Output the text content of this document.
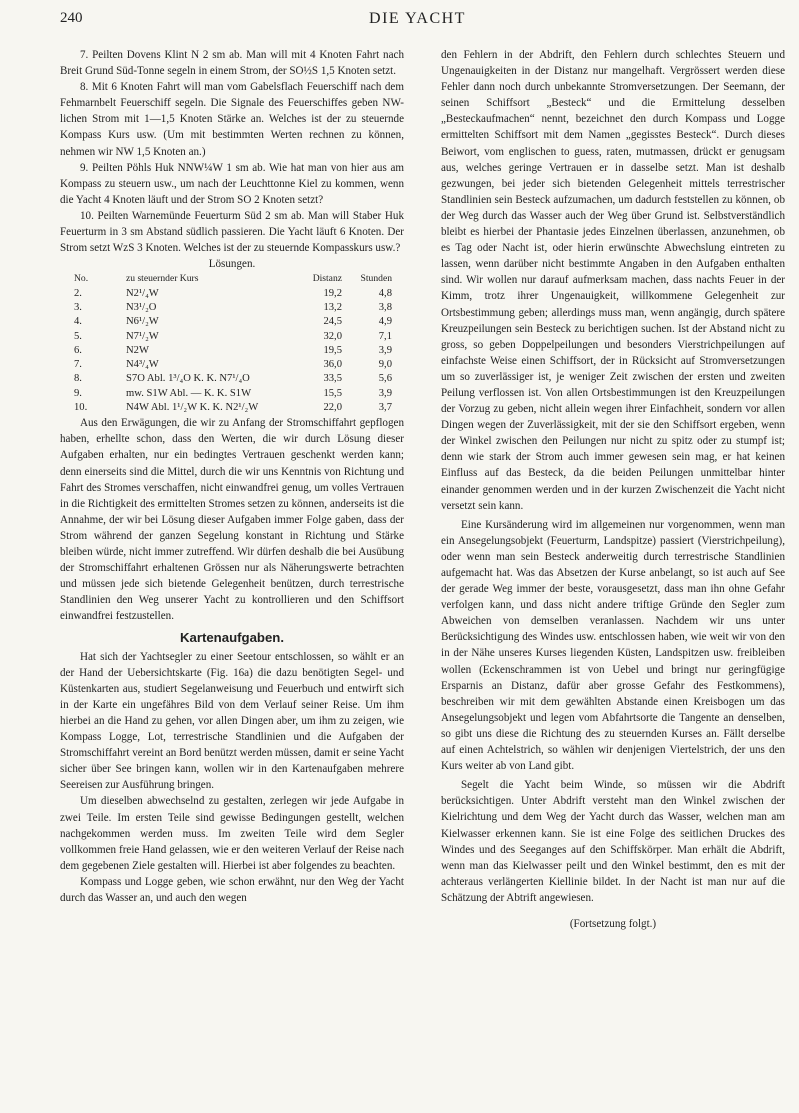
240	DIE YACHT

7. Peilten Dovens Klint N 2 sm ab. Man will mit 4 Knoten Fahrt nach Breit Grund Süd-Tonne segeln in einem Strom, der SO½S 1,5 Knoten setzt.

8. Mit 6 Knoten Fahrt will man vom Gabelsflach Feuerschiff nach dem Fehmarnbelt Feuerschiff segeln. Die Signale des Feuerschiffes geben NW-lichen Strom mit 1—1,5 Knoten Stärke an. Welches ist der zu steuernde Kompass Kurs usw. (Um mit bestimmten Werten rechnen zu können, nehmen wir NW 1,5 Knoten an.)

9. Peilten Pöhls Huk NNW¼W 1 sm ab. Wie hat man von hier aus am Kompass zu steuern usw., um nach der Leuchttonne Kiel zu kommen, wenn die Yacht 4 Knoten läuft und der Strom SO 2 Knoten setzt?

10. Peilten Warnemünde Feuerturm Süd 2 sm ab. Man will Staber Huk Feuerturm in 3 sm Abstand südlich passieren. Die Yacht läuft 6 Knoten. Der Strom setzt WzS 3 Knoten. Welches ist der zu steuernde Kompasskurs usw.?

Lösungen.
No.	zu steuernder Kurs	Distanz	Stunden
2.	N2¹/₄W	19,2	4,8
3.	N3¹/₂O	13,2	3,8
4.	N6¹/₂W	24,5	4,9
5.	N7¹/₂W	32,0	7,1
6.	N2W	19,5	3,9
7.	N4³/₄W	36,0	9,0
8.	S7O Abl. 1³/₄O K. K. N7¹/₄O	33,5	5,6
9.	mw. S1W Abl. — K. K. S1W	15,5	3,9
10.	N4W Abl. 1¹/₂W K. K. N2¹/₂W	22,0	3,7

Aus den Erwägungen, die wir zu Anfang der Stromschiffahrt gepflogen haben, erhellte schon, dass den Werten, die wir durch Lösung dieser Aufgaben erhalten, nur ein bedingtes Vertrauen geschenkt werden kann; denn einerseits sind die Mittel, durch die wir uns Kenntnis von Richtung und Fahrt des Stromes verschaffen, nicht einwandfrei genug, um volles Vertrauen in die Richtigkeit des ermittelten Stromes setzen zu können, anderseits ist die Annahme, der wir bei Lösung dieser Aufgaben immer Folge gaben, dass der Strom während der ganzen Segelung konstant in Richtung und Stärke bleiben würde, nicht immer zutreffend. Wir dürfen deshalb die bei Ausübung der Stromschiffahrt erhaltenen Grössen nur als Näherungswerte betrachten und müssen jede sich bietende Gelegenheit benützen, durch terrestrische Standlinien den Weg unserer Yacht zu kontrollieren und den Schiffsort einwandfrei festzustellen.

Kartenaufgaben.

Hat sich der Yachtsegler zu einer Seetour entschlossen, so wählt er an der Hand der Uebersichtskarte (Fig. 16a) die dazu benötigten Segel- und Küstenkarten aus, studiert Segelanweisung und Feuerbuch und entwirft sich in der Karte ein ungefähres Bild von dem Verlauf seiner Reise. Um ihm hierbei an die Hand zu gehen, vor allen Dingen aber, um ihm zu zeigen, wie Kompass Logge, Lot, terrestrische Standlinien und die Aufgaben der Stromschiffahrt vereint an Bord benützt werden müssen, damit er seine Yacht sicher über See bringen kann, wollen wir in den Kartenaufgaben mehrere Seereisen zur Ausführung bringen.

Um dieselben abwechselnd zu gestalten, zerlegen wir jede Aufgabe in zwei Teile. Im ersten Teile sind gewisse Bedingungen gestellt, welchen nachgekommen werden muss. Im zweiten Teile wird dem Segler vollkommen freie Hand gelassen, wie er den weiteren Verlauf der Reise nach dem gegebenen Ziele gestalten will. Hierbei ist aber folgendes zu beachten.

Kompass und Logge geben, wie schon erwähnt, nur den Weg der Yacht durch das Wasser an, und auch den wegen

den Fehlern in der Abdrift, den Fehlern durch schlechtes Steuern und Ungenauigkeiten in der Distanz nur mangelhaft. Vergrössert werden diese Fehler dann noch durch unbekannte Stromversetzungen. Der Seemann, der seinen Schiffsort „Besteck“ und die Ermittelung desselben „Besteckaufmachen“ nennt, bezeichnet den durch Kompass und Logge ermittelten Schiffsort mit dem Namen „gegisstes Besteck“. Durch dieses Beiwort, vom englischen to guess, raten, mutmassen, drückt er genugsam aus, welches geringe Vertrauen er in dasselbe setzt. Man ist deshalb gezwungen, bei jeder sich bietenden Gelegenheit mittels terrestrischer Standlinien sein Besteck aufzumachen, um dadurch feststellen zu können, ob der Weg durch das Wasser auch der Weg über Grund ist. Selbstverständlich bleibt es hierbei der Phantasie jedes Einzelnen überlassen, anzunehmen, ob es Tag oder Nacht ist, oder hierin erwünschte Abwechslung eintreten zu lassen, wenn darüber nicht bestimmte Angaben in den Aufgaben enthalten sind. Wir wollen nur darauf aufmerksam machen, dass nachts Feuer in der Kimm, trotz ihrer Ungenauigkeit, willkommene Gelegenheit zur Ortsbestimmung geben; allerdings muss man, wenn angängig, durch spätere Kreuzpeilungen sein Besteck zu berichtigen suchen. Ist der Abstand nicht zu gross, so geben Doppelpeilungen und besonders Vierstrichpeilungen auf einfachste Weise einen Schiffsort, der in Rücksicht auf Stromversetzungen um so zuverlässiger ist, je weniger Zeit zwischen der ersten und zweiten Peilung verflossen ist. Von allen Ortsbestimmungen ist den Kreuzpeilungen der Vorzug zu geben, nicht allein wegen ihrer Einfachheit, sondern vor allen Dingen wegen der Zuverlässigkeit, mit der sie den Schiffsort ergeben, wenn der Winkel zwischen den Peilungen nur nicht zu spitz oder zu stumpf ist; denn wie stark der Strom auch immer gewesen sein mag, er hat keinen Einfluss auf das Besteck, da die beiden Peilungen unmittelbar hinter einander genommen werden und in der kurzen Zwischenzeit die Yacht nicht versetzt sein kann.

Eine Kursänderung wird im allgemeinen nur vorgenommen, wenn man ein Ansegelungsobjekt (Feuerturm, Landspitze) passiert (Vierstrichpeilung), oder wenn man sein Besteck anderweitig durch terrestrische Standlinien aufgemacht hat. Was das Absetzen der Kurse anbelangt, so ist auch auf See der gerade Weg immer der beste, vorausgesetzt, dass man ihn ohne Gefahr verfolgen kann, und dass nicht andere triftige Gründe den Segler zum Abweichen von demselben veranlassen. Nachdem wir uns unter Berücksichtigung des Windes usw. entschlossen haben, wie weit wir von den in der Nähe unseres Kurses liegenden Küsten, Landspitzen usw. freibleiben wollen (Eckenschrammen ist von Uebel und bringt nur geringfügige Ersparnis an Distanz, dafür aber grosse Gefahr des Festkommens), beschreiben wir mit dem gewählten Abstande einen Kreisbogen um das Ansegelungsobjekt und legen vom Abfahrtsorte die Tangente an denselben, so gibt uns diese die Richtung des zu steuernden Kurses an. Fällt derselbe auf einen Achtelstrich, so wählen wir denjenigen Viertelstrich, der uns den Kurs weiter ab von Land gibt.

Segelt die Yacht beim Winde, so müssen wir die Abdrift berücksichtigen. Unter Abdrift versteht man den Winkel zwischen der Kielrichtung und dem Weg der Yacht durch das Wasser, welchen man am Kielwasser erkennen kann. Sie ist eine Folge des seitlichen Druckes des Windes und des Seeganges auf den Schiffskörper. Man erhält die Abdrift, wenn man das Kielwasser peilt und den Winkel bestimmt, den es mit der achteraus verlängerten Kiellinie bildet. In der Nacht ist man nur auf die Schätzung der Abtrift angewiesen.

(Fortsetzung folgt.)
